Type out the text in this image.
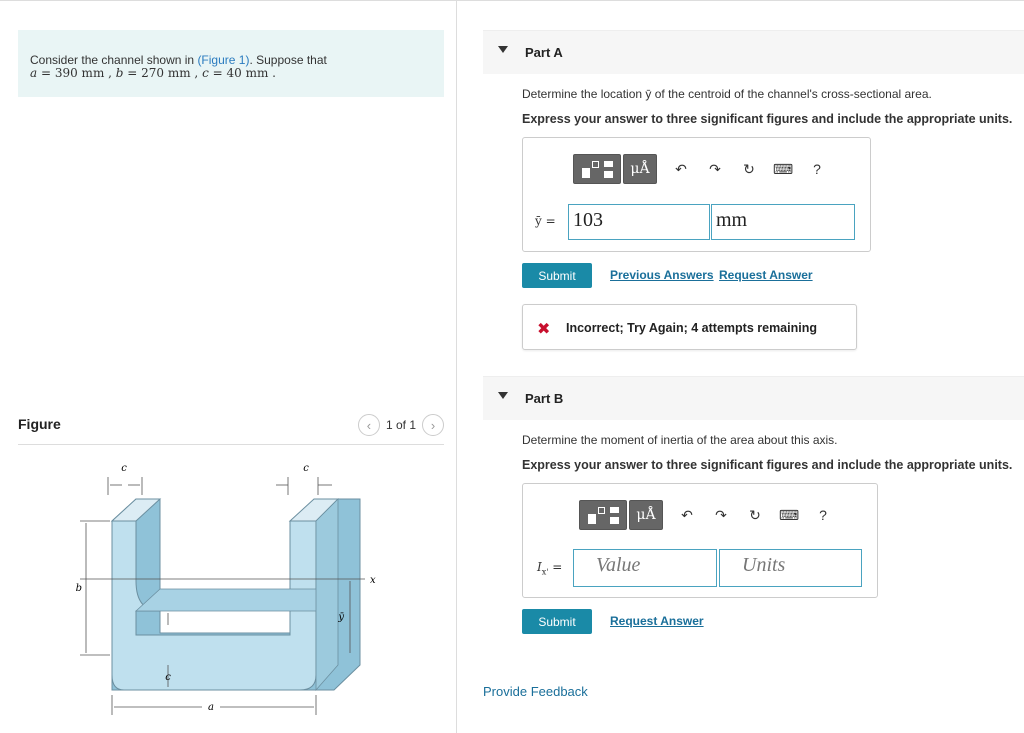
Consider the channel shown in (Figure 1). Suppose that
a = 390 mm , b = 270 mm , c = 40 mm .
Figure	‹	1 of 1	›
c	c
x
b
ȳ
c
a
Part A
Determine the location ȳ of the centroid of the channel's cross-sectional area.
Express your answer to three significant figures and include the appropriate units.
μÅ	↶ ↷ ↻ ⌨	?
ȳ = 103	mm
Submit	Previous Answers Request Answer
✖ Incorrect; Try Again; 4 attempts remaining
Part B
Determine the moment of inertia of the area about this axis.
Express your answer to three significant figures and include the appropriate units.
μÅ	↶ ↷ ↻ ⌨	?
$I_{x'}$ =	Value	Units
Submit	Request Answer
Provide Feedback
